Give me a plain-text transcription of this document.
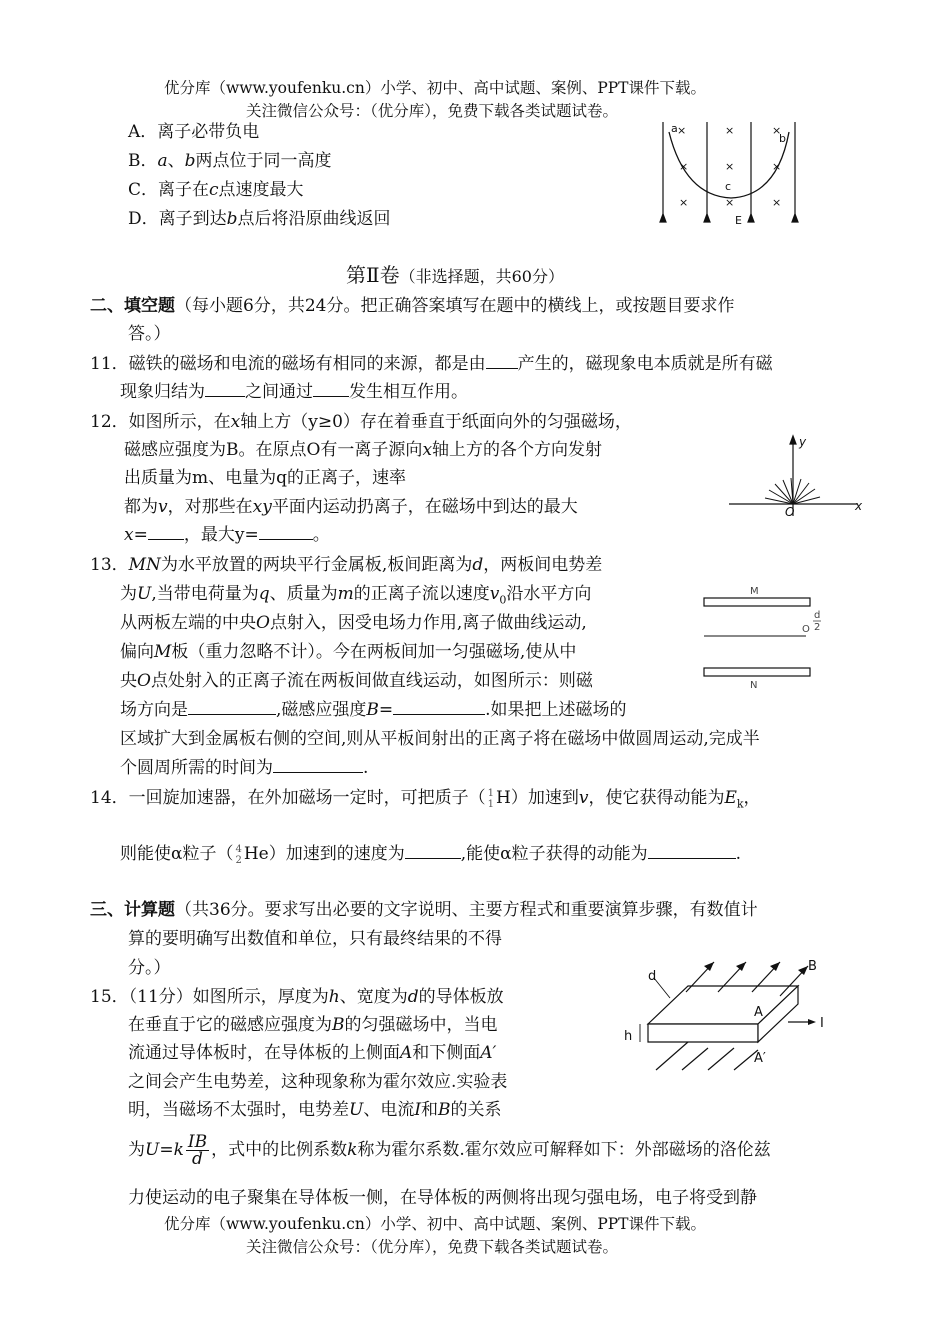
优分库（www.youfenku.cn）小学、初中、高中试题、案例、PPT课件下载。
关注微信公众号：（优分库），免费下载各类试题试卷。
A．离子必带负电
B．a、b两点位于同一高度
C．离子在c点速度最大
D．离子到达b点后将沿原曲线返回
a ×	×	×
b
×	×	×
c
×	×	×
E
第Ⅱ卷（非选择题，共60分）
二、填空题（每小题6分，共24分。把正确答案填写在题中的横线上，或按题目要求作
答。）
11．磁铁的磁场和电流的磁场有相同的来源，都是由 产生的，磁现象电本质就是所有磁
现象归结为 之间通过 发生相互作用。
12．如图所示，在x轴上方（y≥0）存在着垂直于纸面向外的匀强磁场，
磁感应强度为B。在原点O有一离子源向x轴上方的各个方向发射
出质量为m、电量为q的正离子，速率
都为v，对那些在xy平面内运动扔离子，在磁场中到达的最大
x= ，最大y=	。
y
O	x
13．MN为水平放置的两块平行金属板,板间距离为d，两板间电势差
为U,当带电荷量为q、质量为m的正离子流以速度$v_0$沿水平方向
从两板左端的中央O点射入，因受电场力作用,离子做曲线运动,
偏向M板（重力忽略不计）。今在两板间加一匀强磁场,使从中
央O点处射入的正离子流在两板间做直线运动，如图所示：则磁
场方向是	,磁感应强度B=	.如果把上述磁场的
区域扩大到金属板右侧的空间,则从平板间射出的正离子将在磁场中做圆周运动,完成半
个圆周所需的时间为	.
M
N
O
d
2
14．一回旋加速器，在外加磁场一定时，可把质子（ 1
1 H）加速到v，使它获得动能为$E_k$，
则能使α粒子（ 4
2 He）加速到的速度为	,能使α粒子获得的动能为	.
三、计算题（共36分。要求写出必要的文字说明、主要方程式和重要演算步骤，有数值计
算的要明确写出数值和单位，只有最终结果的不得
分。）
15．（11分）如图所示，厚度为h、宽度为d的导体板放
在垂直于它的磁感应强度为B的匀强磁场中，当电
流通过导体板时，在导体板的上侧面A和下侧面A′
之间会产生电势差，这种现象称为霍尔效应.实验表
明，当磁场不太强时，电势差U、电流I和B的关系
为$U=k \frac{IB}{d}$ ，式中的比例系数k称为霍尔系数.霍尔效应可解释如下：外部磁场的洛伦兹
力使运动的电子聚集在导体板一侧，在导体板的两侧将出现匀强电场，电子将受到静
d
B
A
I
h
A′
优分库（www.youfenku.cn）小学、初中、高中试题、案例、PPT课件下载。
关注微信公众号：（优分库），免费下载各类试题试卷。
